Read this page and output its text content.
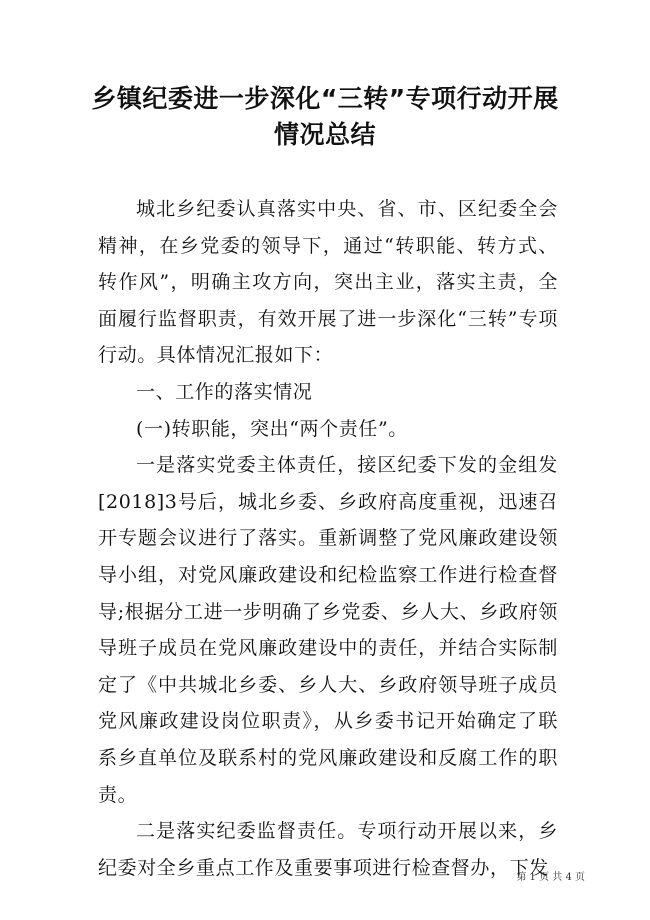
乡镇纪委进一步深化“三转”专项行动开展
情况总结

城北乡纪委认真落实中央、省、市、区纪委全会精神，在乡党委的领导下，通过“转职能、转方式、转作风”，明确主攻方向，突出主业，落实主责，全面履行监督职责，有效开展了进一步深化“三转”专项行动。具体情况汇报如下：

一、工作的落实情况

(一)转职能，突出“两个责任”。

一是落实党委主体责任，接区纪委下发的金组发[2018]3号后，城北乡委、乡政府高度重视，迅速召开专题会议进行了落实。重新调整了党风廉政建设领导小组，对党风廉政建设和纪检监察工作进行检查督导;根据分工进一步明确了乡党委、乡人大、乡政府领导班子成员在党风廉政建设中的责任，并结合实际制定了《中共城北乡委、乡人大、乡政府领导班子成员党风廉政建设岗位职责》，从乡委书记开始确定了联系乡直单位及联系村的党风廉政建设和反腐工作的职责。

二是落实纪委监督责任。专项行动开展以来，乡纪委对全乡重点工作及重要事项进行检查督办，下发

第 1 页 共 4 页
